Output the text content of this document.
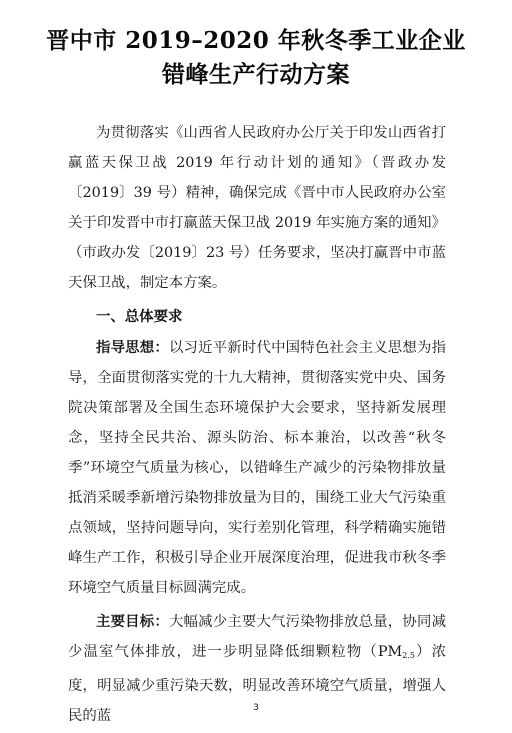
晋中市 2019–2020 年秋冬季工业企业
错峰生产行动方案

为贯彻落实《山西省人民政府办公厅关于印发山西省打赢蓝天保卫战 2019 年行动计划的通知》（晋政办发〔2019〕39 号）精神，确保完成《晋中市人民政府办公室关于印发晋中市打赢蓝天保卫战 2019 年实施方案的通知》（市政办发〔2019〕23 号）任务要求，坚决打赢晋中市蓝天保卫战，制定本方案。

一、总体要求

指导思想：以习近平新时代中国特色社会主义思想为指导，全面贯彻落实党的十九大精神，贯彻落实党中央、国务院决策部署及全国生态环境保护大会要求，坚持新发展理念，坚持全民共治、源头防治、标本兼治，以改善“秋冬季”环境空气质量为核心，以错峰生产减少的污染物排放量抵消采暖季新增污染物排放量为目的，围绕工业大气污染重点领域，坚持问题导向，实行差别化管理，科学精确实施错峰生产工作，积极引导企业开展深度治理，促进我市秋冬季环境空气质量目标圆满完成。

主要目标：大幅减少主要大气污染物排放总量，协同减少温室气体排放，进一步明显降低细颗粒物$(PM_{2.5})$浓度，明显减少重污染天数，明显改善环境空气质量，增强人民的蓝	3
